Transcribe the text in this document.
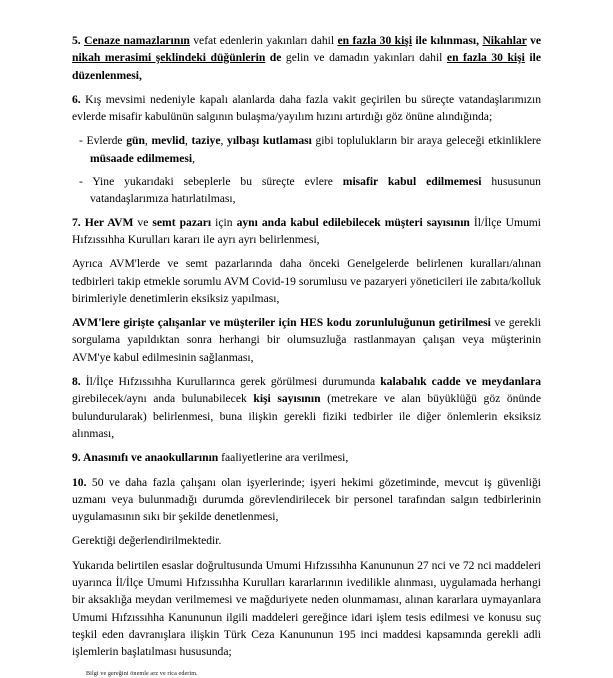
5. Cenaze namazlarının vefat edenlerin yakınları dahil en fazla 30 kişi ile kılınması, Nikahlar ve nikah merasimi şeklindeki düğünlerin de gelin ve damadın yakınları dahil en fazla 30 kişi ile düzenlenmesi,

6. Kış mevsimi nedeniyle kapalı alanlarda daha fazla vakit geçirilen bu süreçte vatandaşlarımızın evlerde misafir kabulünün salgının bulaşma/yayılım hızını artırdığı göz önüne alındığında;

- Evlerde gün, mevlid, taziye, yılbaşı kutlaması gibi toplulukların bir araya geleceği etkinliklere müsaade edilmemesi,

- Yine yukarıdaki sebeplerle bu süreçte evlere misafir kabul edilmemesi hususunun vatandaşlarımıza hatırlatılması,

7. Her AVM ve semt pazarı için aynı anda kabul edilebilecek müşteri sayısının İl/İlçe Umumi Hıfzıssıhha Kurulları kararı ile ayrı ayrı belirlenmesi,

Ayrıca AVM'lerde ve semt pazarlarında daha önceki Genelgelerde belirlenen kuralları/alınan tedbirleri takip etmekle sorumlu AVM Covid-19 sorumlusu ve pazaryeri yöneticileri ile zabıta/kolluk birimleriyle denetimlerin eksiksiz yapılması,

AVM'lere girişte çalışanlar ve müşteriler için HES kodu zorunluluğunun getirilmesi ve gerekli sorgulama yapıldıktan sonra herhangi bir olumsuzluğa rastlanmayan çalışan veya müşterinin AVM'ye kabul edilmesinin sağlanması,

8. İl/İlçe Hıfzıssıhha Kurullarınca gerek görülmesi durumunda kalabalık cadde ve meydanlara girebilecek/aynı anda bulunabilecek kişi sayısının (metrekare ve alan büyüklüğü göz önünde bulundurularak) belirlenmesi, buna ilişkin gerekli fiziki tedbirler ile diğer önlemlerin eksiksiz alınması,

9. Anasınıfı ve anaokullarının faaliyetlerine ara verilmesi,

10. 50 ve daha fazla çalışanı olan işyerlerinde; işyeri hekimi gözetiminde, mevcut iş güvenliği uzmanı veya bulunmadığı durumda görevlendirilecek bir personel tarafından salgın tedbirlerinin uygulamasının sıkı bir şekilde denetlenmesi,

Gerektiği değerlendirilmektedir.

Yukarıda belirtilen esaslar doğrultusunda Umumi Hıfzıssıhha Kanununun 27 nci ve 72 nci maddeleri uyarınca İl/İlçe Umumi Hıfzıssıhha Kurulları kararlarının ivedilikle alınması, uygulamada herhangi bir aksaklığa meydan verilmemesi ve mağduriyete neden olunmaması, alınan kararlara uymayanlara Umumi Hıfzıssıhha Kanununun ilgili maddeleri gereğince idari işlem tesis edilmesi ve konusu suç teşkil eden davranışlara ilişkin Türk Ceza Kanununun 195 inci maddesi kapsamında gerekli adli işlemlerin başlatılması hususunda;

Bilgi ve gereğini önemle arz ve rica ederim.
